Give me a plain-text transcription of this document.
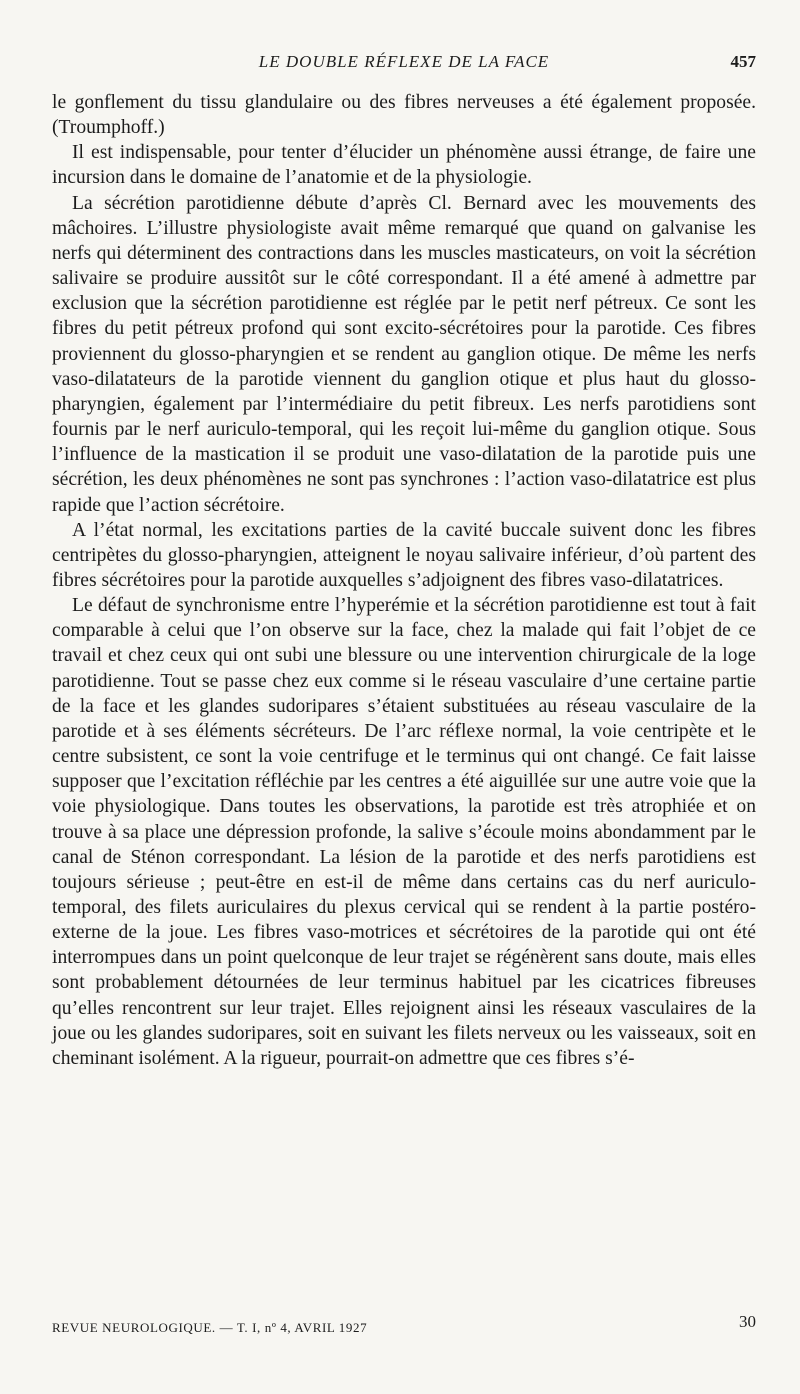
LE DOUBLE RÉFLEXE DE LA FACE	457

le gonflement du tissu glandulaire ou des fibres nerveuses a été également proposée. (Troumphoff.)

Il est indispensable, pour tenter d’élucider un phénomène aussi étrange, de faire une incursion dans le domaine de l’anatomie et de la physiologie.

La sécrétion parotidienne débute d’après Cl. Bernard avec les mouvements des mâchoires. L’illustre physiologiste avait même remarqué que quand on galvanise les nerfs qui déterminent des contractions dans les muscles masticateurs, on voit la sécrétion salivaire se produire aussitôt sur le côté correspondant. Il a été amené à admettre par exclusion que la sécrétion parotidienne est réglée par le petit nerf pétreux. Ce sont les fibres du petit pétreux profond qui sont excito-sécrétoires pour la parotide. Ces fibres proviennent du glosso-pharyngien et se rendent au ganglion otique. De même les nerfs vaso-dilatateurs de la parotide viennent du ganglion otique et plus haut du glosso-pharyngien, également par l’intermédiaire du petit fibreux. Les nerfs parotidiens sont fournis par le nerf auriculo-temporal, qui les reçoit lui-même du ganglion otique. Sous l’influence de la mastication il se produit une vaso-dilatation de la parotide puis une sécrétion, les deux phénomènes ne sont pas synchrones : l’action vaso-dilatatrice est plus rapide que l’action sécrétoire.

A l’état normal, les excitations parties de la cavité buccale suivent donc les fibres centripètes du glosso-pharyngien, atteignent le noyau salivaire inférieur, d’où partent des fibres sécrétoires pour la parotide auxquelles s’adjoignent des fibres vaso-dilatatrices.

Le défaut de synchronisme entre l’hyperémie et la sécrétion parotidienne est tout à fait comparable à celui que l’on observe sur la face, chez la malade qui fait l’objet de ce travail et chez ceux qui ont subi une blessure ou une intervention chirurgicale de la loge parotidienne. Tout se passe chez eux comme si le réseau vasculaire d’une certaine partie de la face et les glandes sudoripares s’étaient substituées au réseau vasculaire de la parotide et à ses éléments sécréteurs. De l’arc réflexe normal, la voie centripète et le centre subsistent, ce sont la voie centrifuge et le terminus qui ont changé. Ce fait laisse supposer que l’excitation réfléchie par les centres a été aiguillée sur une autre voie que la voie physiologique. Dans toutes les observations, la parotide est très atrophiée et on trouve à sa place une dépression profonde, la salive s’écoule moins abondamment par le canal de Sténon correspondant. La lésion de la parotide et des nerfs parotidiens est toujours sérieuse ; peut-être en est-il de même dans certains cas du nerf auriculo-temporal, des filets auriculaires du plexus cervical qui se rendent à la partie postéro-externe de la joue. Les fibres vaso-motrices et sécrétoires de la parotide qui ont été interrompues dans un point quelconque de leur trajet se régénèrent sans doute, mais elles sont probablement détournées de leur terminus habituel par les cicatrices fibreuses qu’elles rencontrent sur leur trajet. Elles rejoignent ainsi les réseaux vasculaires de la joue ou les glandes sudoripares, soit en suivant les filets nerveux ou les vaisseaux, soit en cheminant isolément. A la rigueur, pourrait-on admettre que ces fibres s’é-

REVUE NEUROLOGIQUE. — T. I, nº 4, AVRIL 1927	30
